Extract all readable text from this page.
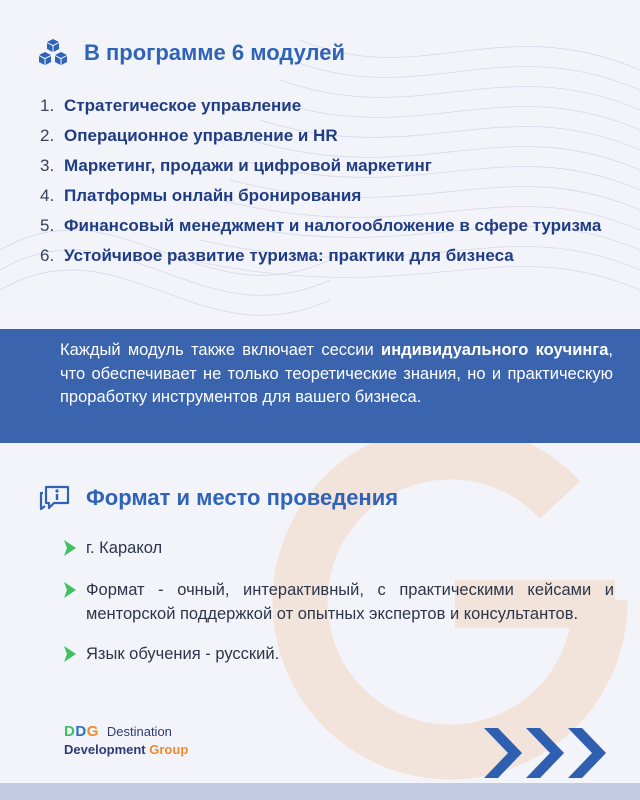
В программе 6 модулей
1. Стратегическое управление
2. Операционное управление и HR
3. Маркетинг, продажи и цифровой маркетинг
4. Платформы онлайн бронирования
5. Финансовый менеджмент и налогообложение в сфере туризма
6. Устойчивое развитие туризма: практики для бизнеса

Каждый модуль также включает сессии индивидуального коучинга, что обеспечивает не только теоретические знания, но и практическую проработку инструментов для вашего бизнеса.

Формат и место проведения
г. Каракол
Формат - очный, интерактивный, с практическими кейсами и менторской поддержкой от опытных экспертов и консультантов.
Язык обучения - русский.
DDG Destination
Development Group
